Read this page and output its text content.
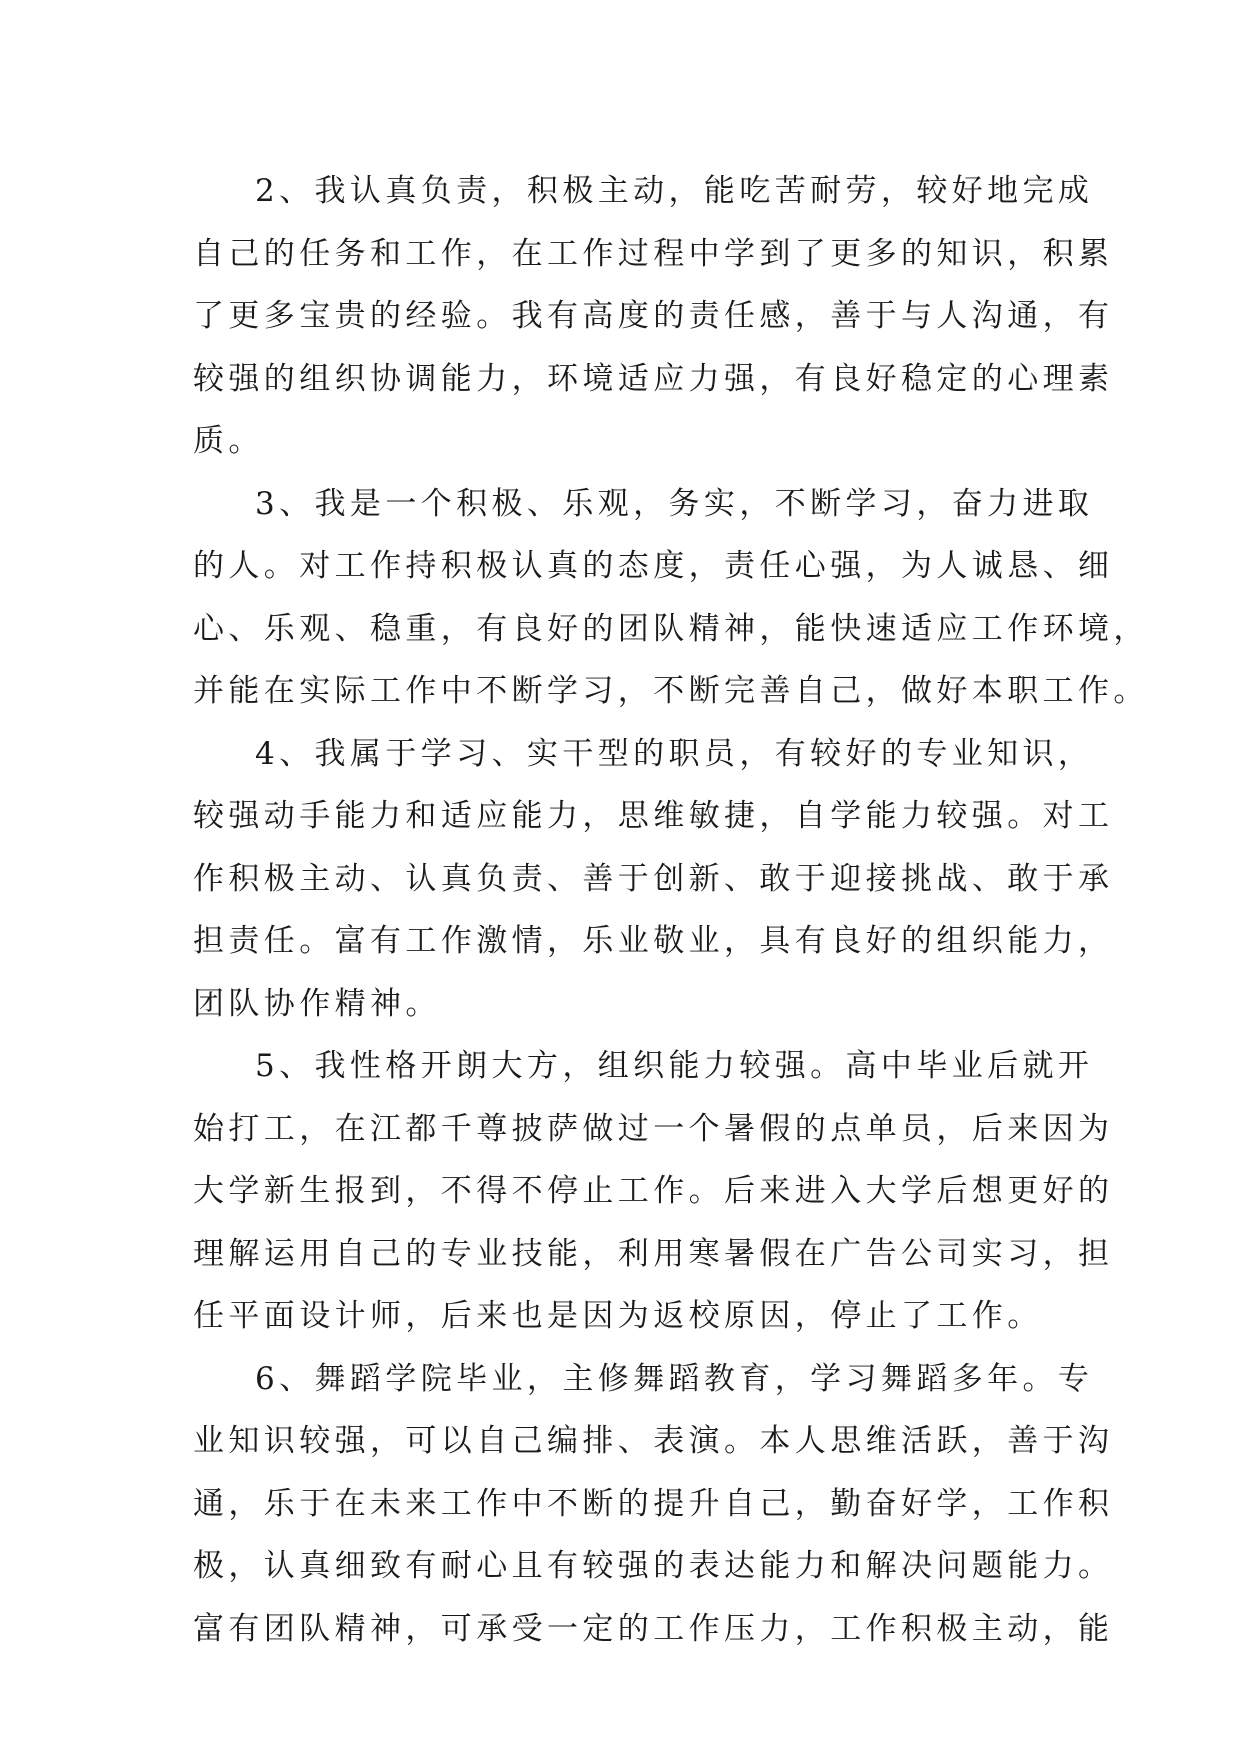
2、我认真负责，积极主动，能吃苦耐劳，较好地完成
自己的任务和工作，在工作过程中学到了更多的知识，积累
了更多宝贵的经验。我有高度的责任感，善于与人沟通，有
较强的组织协调能力，环境适应力强，有良好稳定的心理素
质。
3、我是一个积极、乐观，务实，不断学习，奋力进取
的人。对工作持积极认真的态度，责任心强，为人诚恳、细
心、乐观、稳重，有良好的团队精神，能快速适应工作环境，
并能在实际工作中不断学习，不断完善自己，做好本职工作。
4、我属于学习、实干型的职员，有较好的专业知识，
较强动手能力和适应能力，思维敏捷，自学能力较强。对工
作积极主动、认真负责、善于创新、敢于迎接挑战、敢于承
担责任。富有工作激情，乐业敬业，具有良好的组织能力，
团队协作精神。
5、我性格开朗大方，组织能力较强。高中毕业后就开
始打工，在江都千尊披萨做过一个暑假的点单员，后来因为
大学新生报到，不得不停止工作。后来进入大学后想更好的
理解运用自己的专业技能，利用寒暑假在广告公司实习，担
任平面设计师，后来也是因为返校原因，停止了工作。
6、舞蹈学院毕业，主修舞蹈教育，学习舞蹈多年。专
业知识较强，可以自己编排、表演。本人思维活跃，善于沟
通，乐于在未来工作中不断的提升自己，勤奋好学，工作积
极，认真细致有耐心且有较强的表达能力和解决问题能力。
富有团队精神，可承受一定的工作压力，工作积极主动，能
